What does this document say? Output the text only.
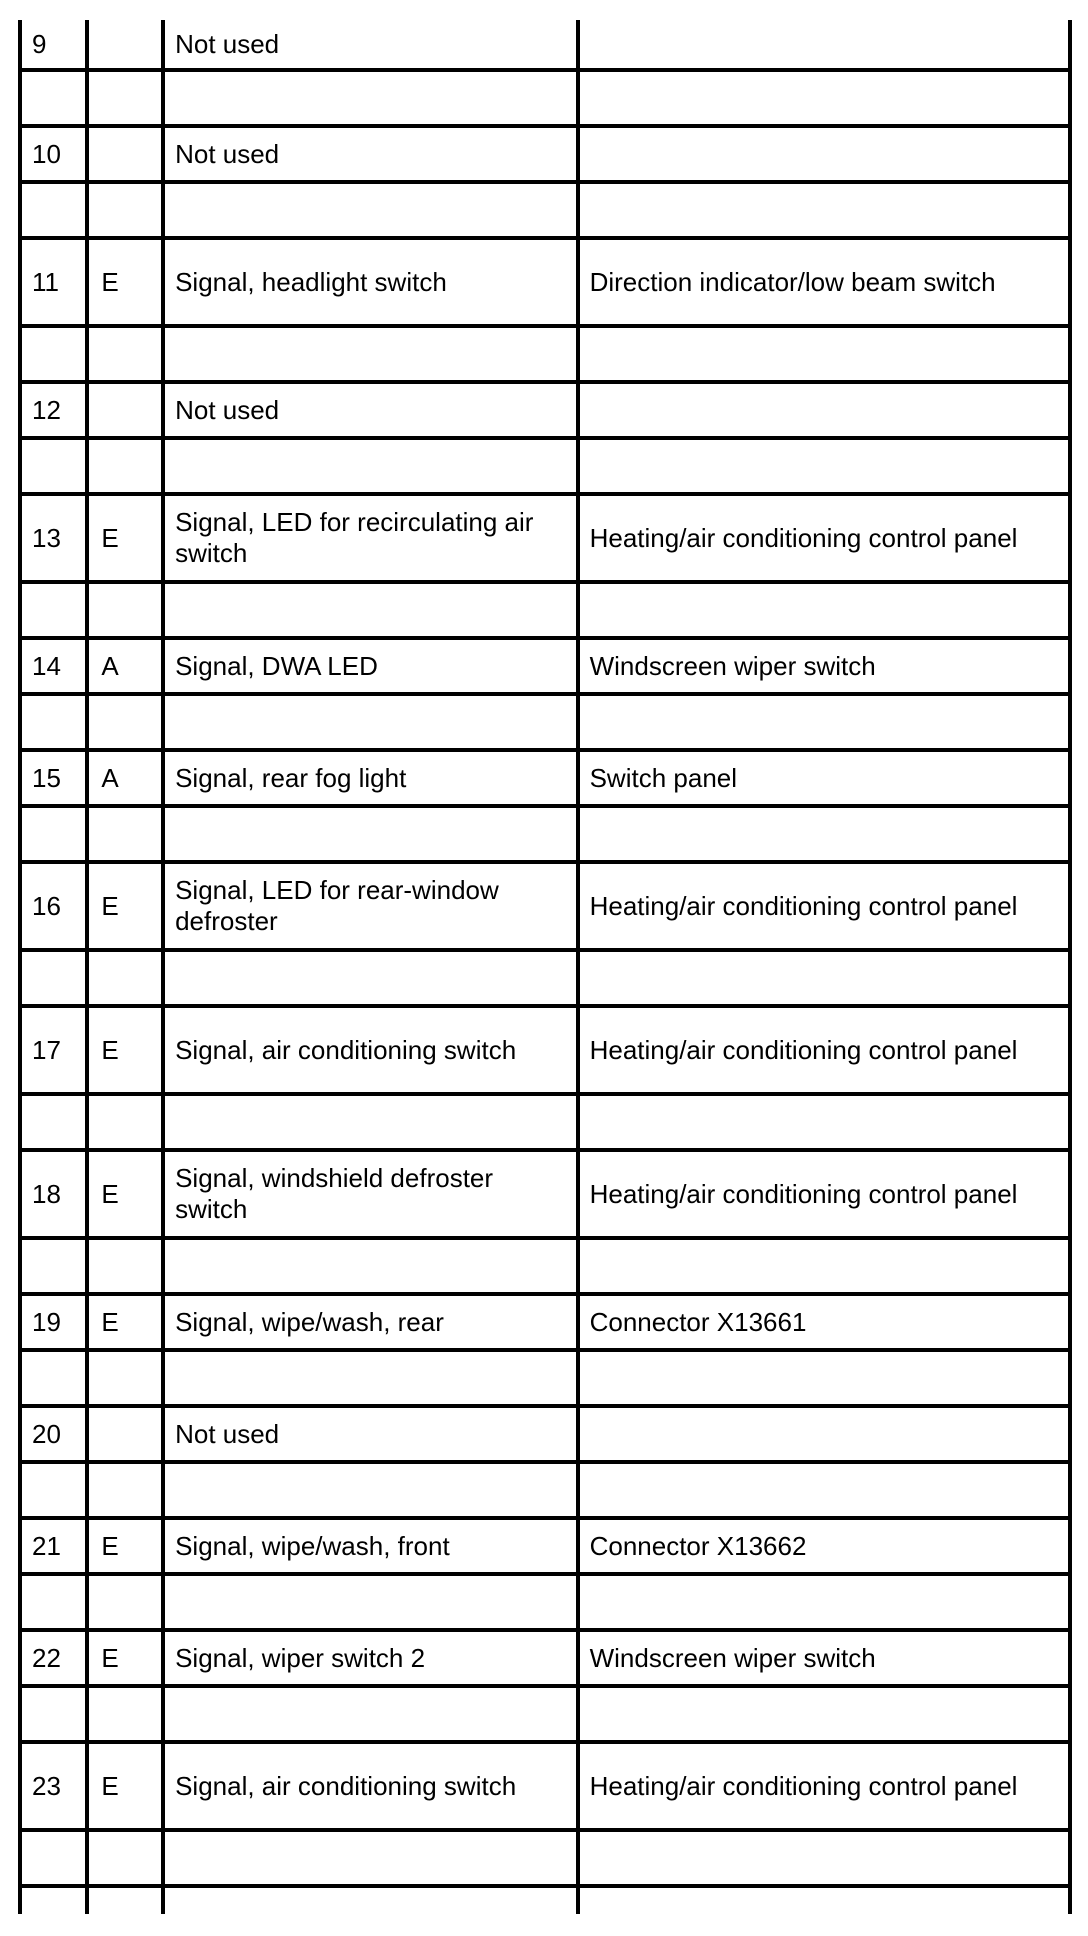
9		Not used	

10		Not used	

11	E	Signal, headlight switch	Direction indicator/low beam switch

12		Not used	

13	E	Signal, LED for recirculating air switch	Heating/air conditioning control panel

14	A	Signal, DWA LED	Windscreen wiper switch

15	A	Signal, rear fog light	Switch panel

16	E	Signal, LED for rear-window defroster	Heating/air conditioning control panel

17	E	Signal, air conditioning switch	Heating/air conditioning control panel

18	E	Signal, windshield defroster switch	Heating/air conditioning control panel

19	E	Signal, wipe/wash, rear	Connector X13661

20		Not used	

21	E	Signal, wipe/wash, front	Connector X13662

22	E	Signal, wiper switch 2	Windscreen wiper switch

23	E	Signal, air conditioning switch	Heating/air conditioning control panel
